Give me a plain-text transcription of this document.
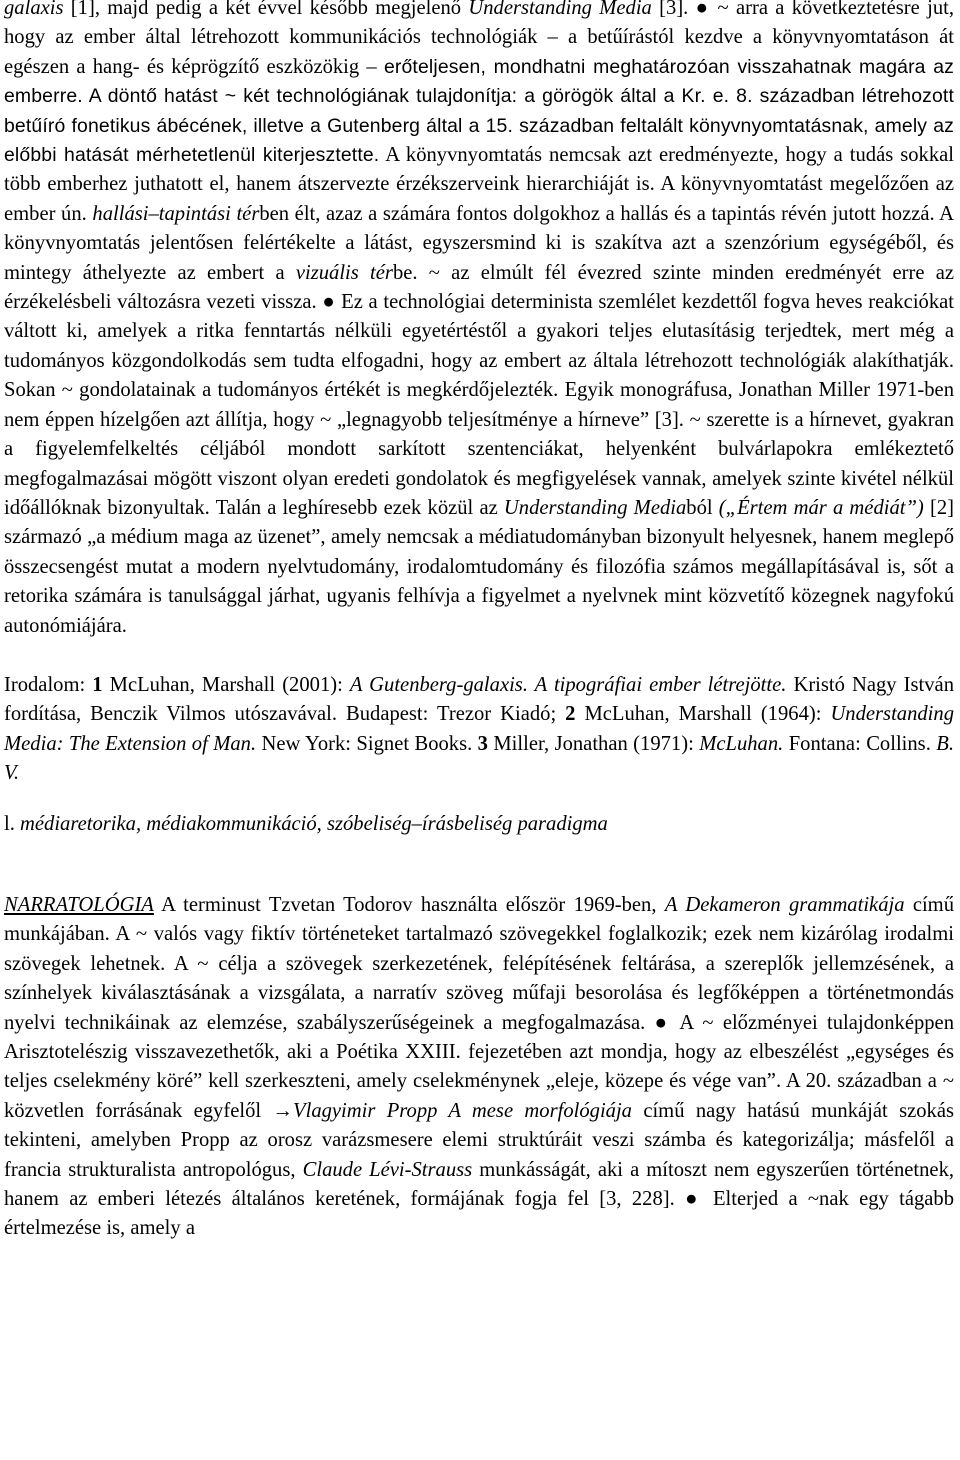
galaxis [1], majd pedig a két évvel később megjelenő Understanding Media [3]. ● ~ arra a következtetésre jut, hogy az ember által létrehozott kommunikációs technológiák – a betűírástól kezdve a könyvnyomtatáson át egészen a hang- és képrögzítő eszközökig – erőteljesen, mondhatni meghatározóan visszahatnak magára az emberre. A döntő hatást ~ két technológiának tulajdonítja: a görögök által a Kr. e. 8. században létrehozott betűíró fonetikus ábécének, illetve a Gutenberg által a 15. században feltalált könyvnyomtatásnak, amely az előbbi hatását mérhetetlenül kiterjesztette. A könyvnyomtatás nemcsak azt eredményezte, hogy a tudás sokkal több emberhez juthatott el, hanem átszervezte érzékszerveink hierarchiáját is. A könyvnyomtatást megelőzően az ember ún. hallási–tapintási térben élt, azaz a számára fontos dolgokhoz a hallás és a tapintás révén jutott hozzá. A könyvnyomtatás jelentősen felértékelte a látást, egyszersmind ki is szakítva azt a szenzórium egységéből, és mintegy áthelyezte az embert a vizuális térbe. ~ az elmúlt fél évezred szinte minden eredményét erre az érzékelésbeli változásra vezeti vissza. ● Ez a technológiai determinista szemlélet kezdettől fogva heves reakciókat váltott ki, amelyek a ritka fenntartás nélküli egyetértéstől a gyakori teljes elutasításig terjedtek, mert még a tudományos közgondolkodás sem tudta elfogadni, hogy az embert az általa létrehozott technológiák alakíthatják. Sokan ~ gondolatainak a tudományos értékét is megkérdőjelezték. Egyik monográfusa, Jonathan Miller 1971-ben nem éppen hízelgően azt állítja, hogy ~ „legnagyobb teljesítménye a hírneve” [3]. ~ szerette is a hírnevet, gyakran a figyelemfelkeltés céljából mondott sarkított szentenciákat, helyenként bulvárlapokra emlékeztető megfogalmazásai mögött viszont olyan eredeti gondolatok és megfigyelések vannak, amelyek szinte kivétel nélkül időállóknak bizonyultak. Talán a leghíresebb ezek közül az Understanding Mediaból („Értem már a médiát”) [2] származó „a médium maga az üzenet”, amely nemcsak a médiatudományban bizonyult helyesnek, hanem meglepő összecsengést mutat a modern nyelvtudomány, irodalomtudomány és filozófia számos megállapításával is, sőt a retorika számára is tanulsággal járhat, ugyanis felhívja a figyelmet a nyelvnek mint közvetítő közegnek nagyfokú autonómiájára.

Irodalom: 1 McLuhan, Marshall (2001): A Gutenberg-galaxis. A tipográfiai ember létrejötte. Kristó Nagy István fordítása, Benczik Vilmos utószavával. Budapest: Trezor Kiadó; 2 McLuhan, Marshall (1964): Understanding Media: The Extension of Man. New York: Signet Books. 3 Miller, Jonathan (1971): McLuhan. Fontana: Collins. B. V.

l. médiaretorika, médiakommunikáció, szóbeliség–írásbeliség paradigma

NARRATOLÓGIA A terminust Tzvetan Todorov használta először 1969-ben, A Dekameron grammatikája című munkájában. A ~ valós vagy fiktív történeteket tartalmazó szövegekkel foglalkozik; ezek nem kizárólag irodalmi szövegek lehetnek. A ~ célja a szövegek szerkezetének, felépítésének feltárása, a szereplők jellemzésének, a színhelyek kiválasztásának a vizsgálata, a narratív szöveg műfaji besorolása és legfőképpen a történetmondás nyelvi technikáinak az elemzése, szabályszerűségeinek a megfogalmazása. ● A ~ előzményei tulajdonképpen Arisztotelészig visszavezethetők, aki a Poétika XXIII. fejezetében azt mondja, hogy az elbeszélést „egységes és teljes cselekmény köré” kell szerkeszteni, amely cselekménynek „eleje, közepe és vége van”. A 20. században a ~ közvetlen forrásának egyfelől →Vlagyimir Propp A mese morfológiája című nagy hatású munkáját szokás tekinteni, amelyben Propp az orosz varázsmesere elemi struktúráit veszi számba és kategorizálja; másfelől a francia strukturalista antropológus, Claude Lévi-Strauss munkásságát, aki a mítoszt nem egyszerűen történetnek, hanem az emberi létezés általános keretének, formájának fogja fel [3, 228]. ● Elterjed a ~nak egy tágabb értelmezése is, amely a
